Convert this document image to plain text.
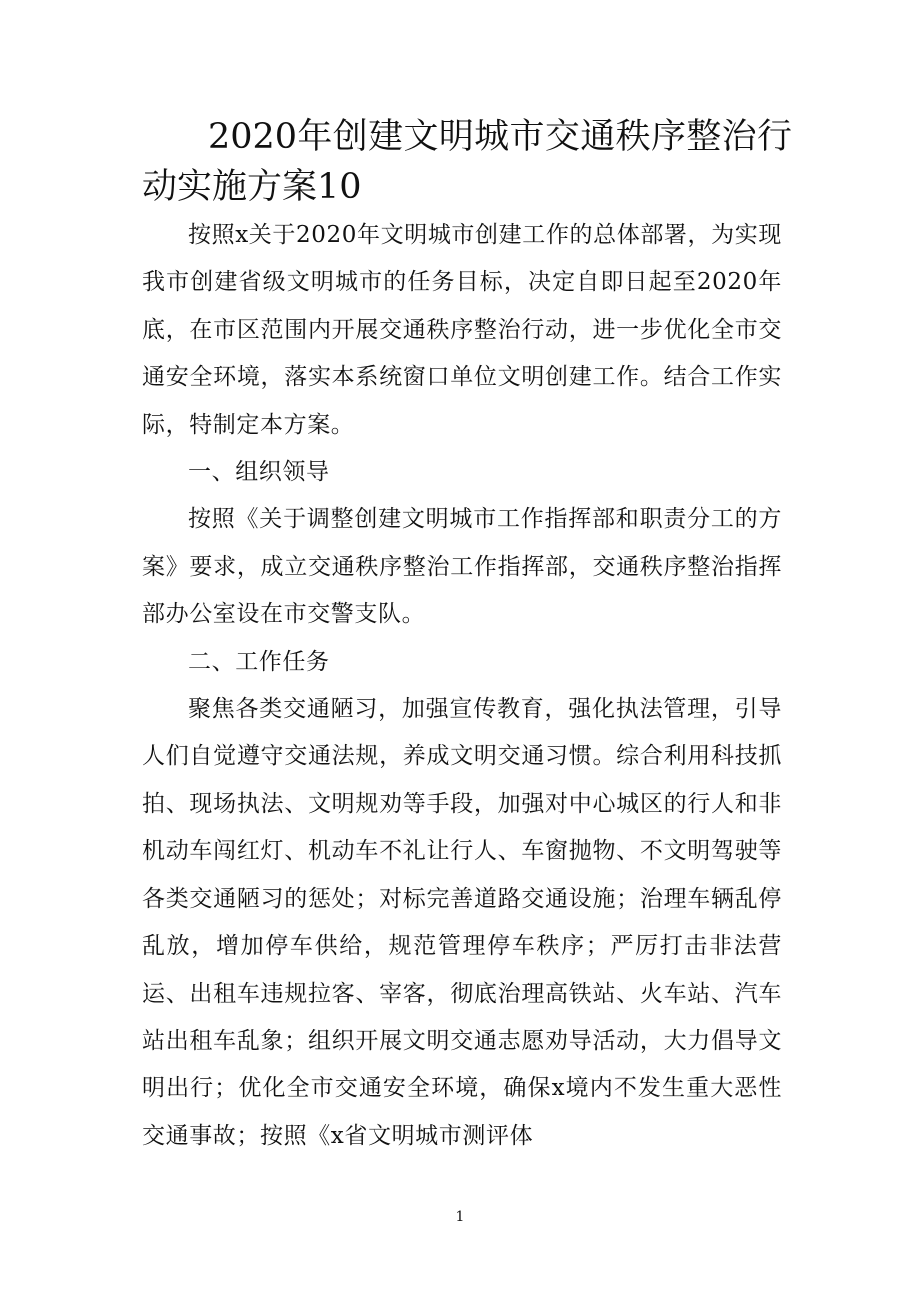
2020年创建文明城市交通秩序整治行动实施方案10

按照x关于2020年文明城市创建工作的总体部署，为实现我市创建省级文明城市的任务目标，决定自即日起至2020年底，在市区范围内开展交通秩序整治行动，进一步优化全市交通安全环境，落实本系统窗口单位文明创建工作。结合工作实际，特制定本方案。

一、组织领导

按照《关于调整创建文明城市工作指挥部和职责分工的方案》要求，成立交通秩序整治工作指挥部，交通秩序整治指挥部办公室设在市交警支队。

二、工作任务

聚焦各类交通陋习，加强宣传教育，强化执法管理，引导人们自觉遵守交通法规，养成文明交通习惯。综合利用科技抓拍、现场执法、文明规劝等手段，加强对中心城区的行人和非机动车闯红灯、机动车不礼让行人、车窗抛物、不文明驾驶等各类交通陋习的惩处；对标完善道路交通设施；治理车辆乱停乱放，增加停车供给，规范管理停车秩序；严厉打击非法营运、出租车违规拉客、宰客，彻底治理高铁站、火车站、汽车站出租车乱象；组织开展文明交通志愿劝导活动，大力倡导文明出行；优化全市交通安全环境，确保x境内不发生重大恶性交通事故；按照《x省文明城市测评体

1
